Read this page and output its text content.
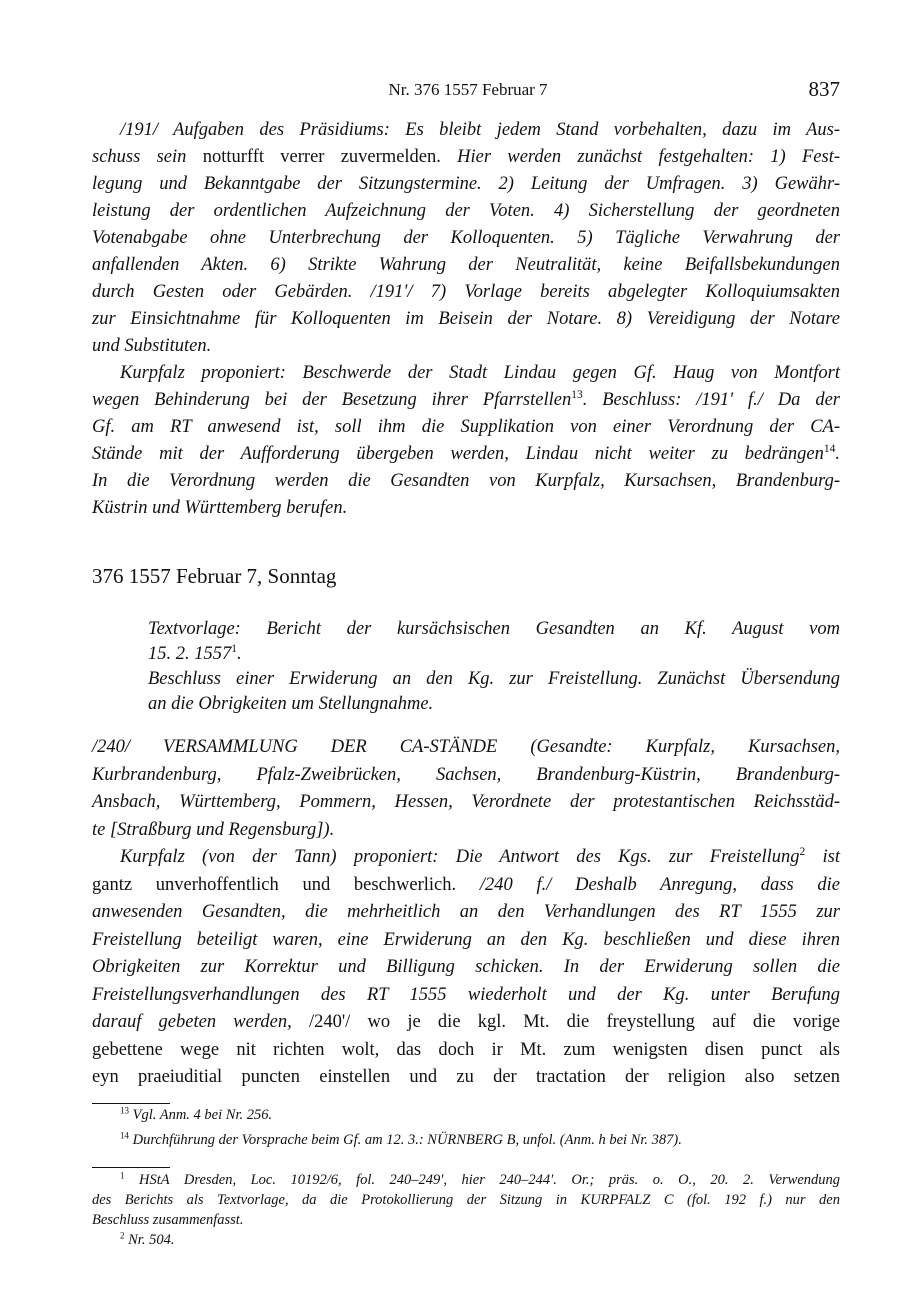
Nr. 376 1557 Februar 7	837
/191/ Aufgaben des Präsidiums: Es bleibt jedem Stand vorbehalten, dazu im Aus-
schuss sein notturfft verrer zuvermelden. Hier werden zunächst festgehalten: 1) Fest-
legung und Bekanntgabe der Sitzungstermine. 2) Leitung der Umfragen. 3) Gewähr-
leistung der ordentlichen Aufzeichnung der Voten. 4) Sicherstellung der geordneten
Votenabgabe ohne Unterbrechung der Kolloquenten. 5) Tägliche Verwahrung der
anfallenden Akten. 6) Strikte Wahrung der Neutralität, keine Beifallsbekundungen
durch Gesten oder Gebärden. /191'/ 7) Vorlage bereits abgelegter Kolloquiumsakten
zur Einsichtnahme für Kolloquenten im Beisein der Notare. 8) Vereidigung der Notare
und Substituten.
Kurpfalz proponiert: Beschwerde der Stadt Lindau gegen Gf. Haug von Montfort
wegen Behinderung bei der Besetzung ihrer Pfarrstellen$^{13}$. Beschluss: /191' f./ Da der
Gf. am RT anwesend ist, soll ihm die Supplikation von einer Verordnung der CA-
Stände mit der Aufforderung übergeben werden, Lindau nicht weiter zu bedrängen$^{14}$.
In die Verordnung werden die Gesandten von Kurpfalz, Kursachsen, Brandenburg-
Küstrin und Württemberg berufen.
376 1557 Februar 7, Sonntag
Textvorlage: Bericht der kursächsischen Gesandten an Kf. August vom
15. 2. 1557$^1$.
Beschluss einer Erwiderung an den Kg. zur Freistellung. Zunächst Übersendung
an die Obrigkeiten um Stellungnahme.
/240/ VERSAMMLUNG DER CA-STÄNDE (Gesandte: Kurpfalz, Kursachsen,
Kurbrandenburg, Pfalz-Zweibrücken, Sachsen, Brandenburg-Küstrin, Brandenburg-
Ansbach, Württemberg, Pommern, Hessen, Verordnete der protestantischen Reichsstäd-
te [Straßburg und Regensburg]).
Kurpfalz (von der Tann) proponiert: Die Antwort des Kgs. zur Freistellung$^2$ ist
gantz unverhoffentlich und beschwerlich. /240 f./ Deshalb Anregung, dass die
anwesenden Gesandten, die mehrheitlich an den Verhandlungen des RT 1555 zur
Freistellung beteiligt waren, eine Erwiderung an den Kg. beschließen und diese ihren
Obrigkeiten zur Korrektur und Billigung schicken. In der Erwiderung sollen die
Freistellungsverhandlungen des RT 1555 wiederholt und der Kg. unter Berufung
darauf gebeten werden, /240'/ wo je die kgl. Mt. die freystellung auf die vorige
gebettene wege nit richten wolt, das doch ir Mt. zum wenigsten disen punct als
eyn praeiuditial puncten einstellen und zu der tractation der religion also setzen
$^{13}$ Vgl. Anm. 4 bei Nr. 256.
$^{14}$ Durchführung der Vorsprache beim Gf. am 12. 3.: NÜRNBERG B, unfol. (Anm. h bei Nr. 387).
$^1$ HStA Dresden, Loc. 10192/6, fol. 240–249', hier 240–244'. Or.; präs. o. O., 20. 2. Verwendung
des Berichts als Textvorlage, da die Protokollierung der Sitzung in KURPFALZ C (fol. 192 f.) nur den
Beschluss zusammenfasst.
$^2$ Nr. 504.
